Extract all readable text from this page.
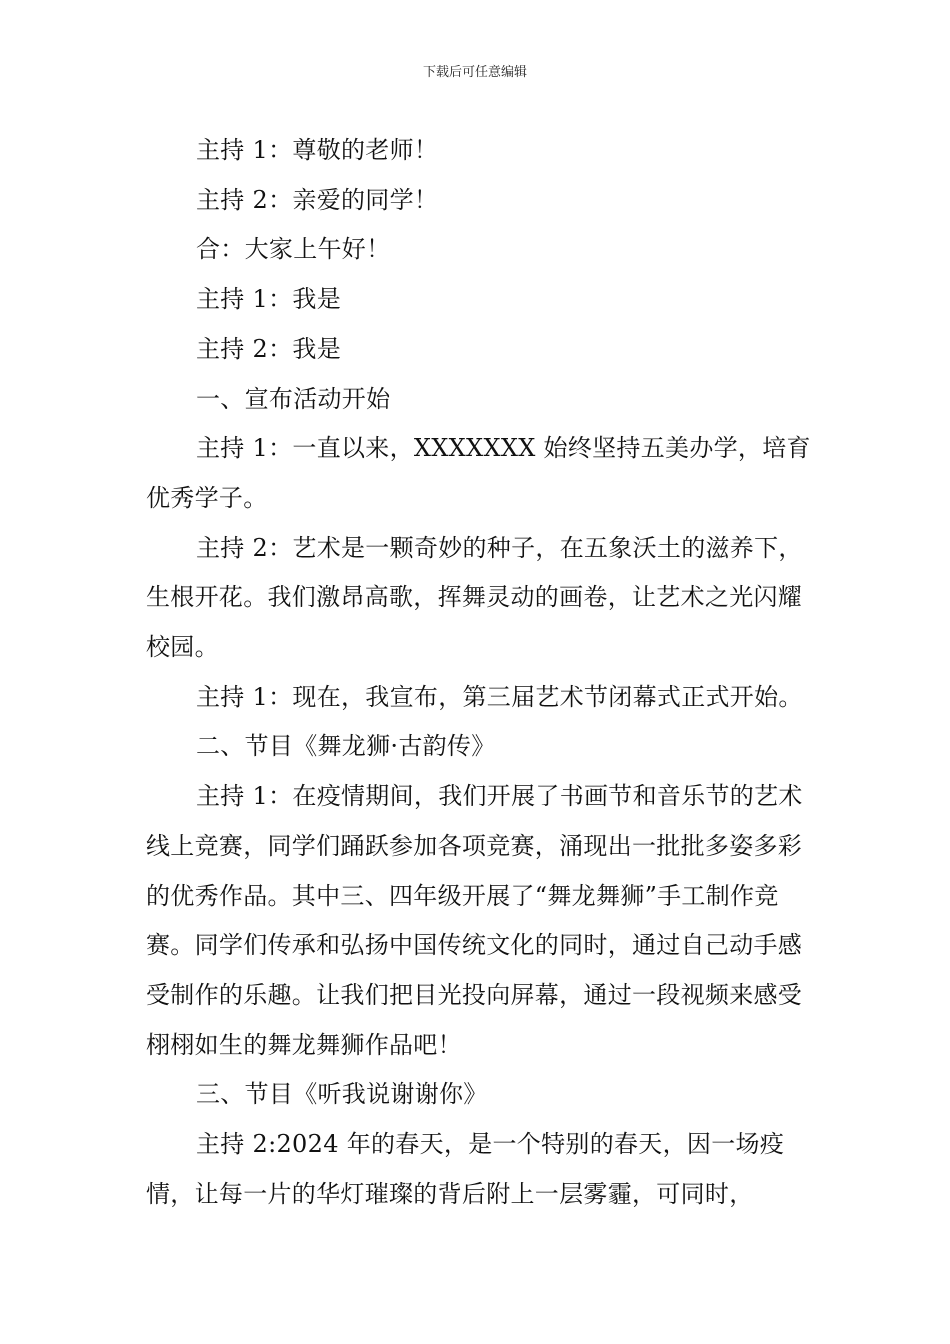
下载后可任意编辑

主持 1：尊敬的老师！

主持 2：亲爱的同学！

合：大家上午好！

主持 1：我是

主持 2：我是

一、宣布活动开始

主持 1：一直以来，XXXXXXX 始终坚持五美办学，培育优秀学子。

主持 2：艺术是一颗奇妙的种子，在五象沃土的滋养下，生根开花。我们激昂高歌，挥舞灵动的画卷，让艺术之光闪耀校园。

主持 1：现在，我宣布，第三届艺术节闭幕式正式开始。

二、节目《舞龙狮·古韵传》

主持 1：在疫情期间，我们开展了书画节和音乐节的艺术线上竞赛，同学们踊跃参加各项竞赛，涌现出一批批多姿多彩的优秀作品。其中三、四年级开展了“舞龙舞狮”手工制作竞赛。同学们传承和弘扬中国传统文化的同时，通过自己动手感受制作的乐趣。让我们把目光投向屏幕，通过一段视频来感受栩栩如生的舞龙舞狮作品吧！

三、节目《听我说谢谢你》

主持 2:2024 年的春天，是一个特别的春天，因一场疫情，让每一片的华灯璀璨的背后附上一层雾霾，可同时，
